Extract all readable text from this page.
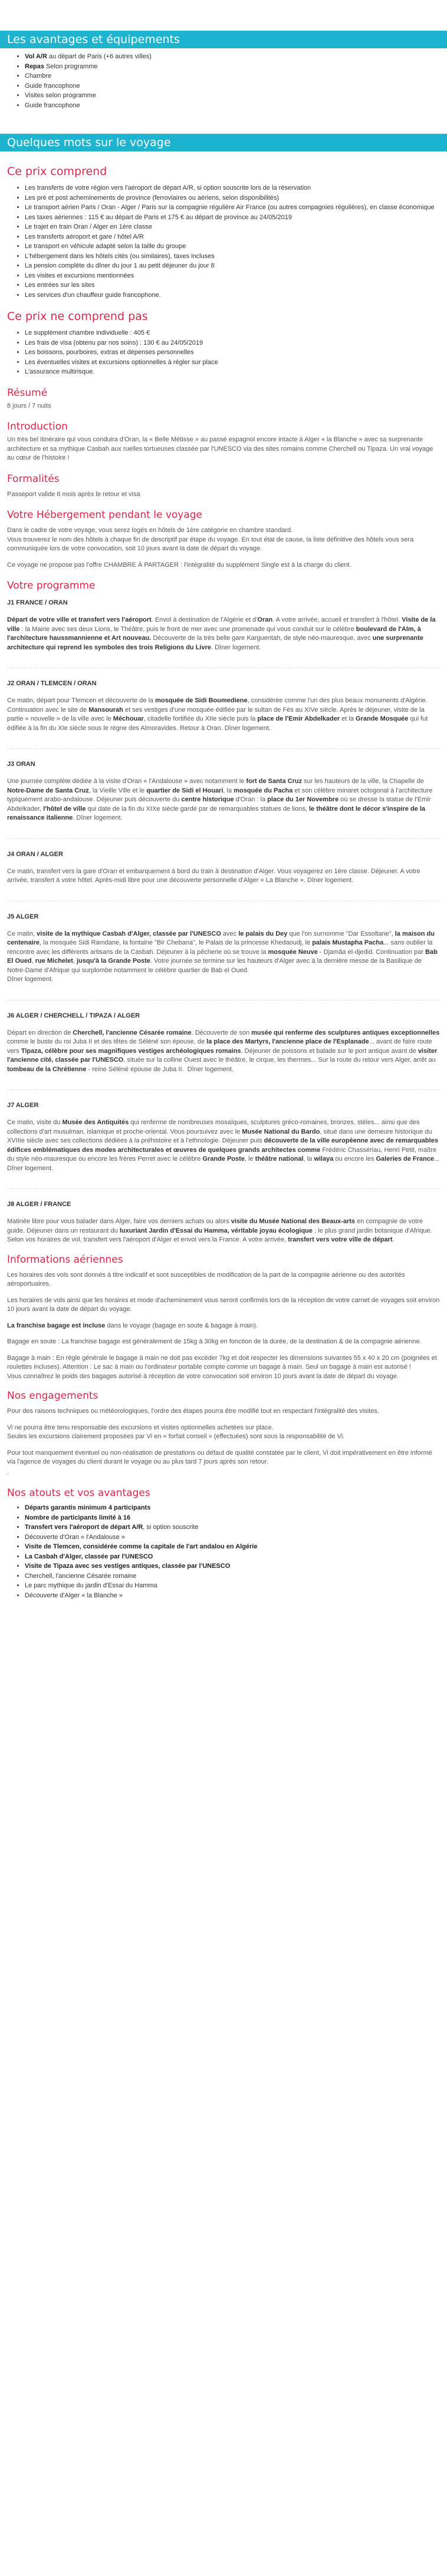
Les avantages et équipements
• Vol A/R au départ de Paris (+6 autres villes)
• Repas Selon programme
• Chambre
• Guide francophone
• Visites selon programme
• Guide francophone
Quelques mots sur le voyage
Ce prix comprend
• Les transferts de votre région vers l'aéroport de départ A/R, si option souscrite lors de la réservation
• Les pré et post acheminements de province (ferroviaires ou aériens, selon disponibilités)
• Le transport aérien Paris / Oran - Alger / Paris sur la compagnie régulière Air France (ou autres compagnies régulières), en classe économique
• Les taxes aériennes : 115 € au départ de Paris et 175 € au départ de province au 24/05/2019
• Le trajet en train Oran / Alger en 1ère classe
• Les transferts aéroport et gare / hôtel A/R
• Le transport en véhicule adapté selon la taille du groupe
• L'hébergement dans les hôtels cités (ou similaires), taxes incluses
• La pension complète du dîner du jour 1 au petit déjeuner du jour 8
• Les visites et excursions mentionnées
• Les entrées sur les sites
• Les services d'un chauffeur guide francophone.
Ce prix ne comprend pas
• Le supplément chambre individuelle : 405 €
• Les frais de visa (obtenu par nos soins) : 130 € au 24/05/2019
• Les boissons, pourboires, extras et dépenses personnelles
• Les éventuelles visites et excursions optionnelles à régler sur place
• L'assurance multirisque.
Résumé

8 jours / 7 nuits

Introduction

Un très bel itinéraire qui vous conduira d'Oran, la « Belle Métisse » au passé espagnol encore intacte à Alger « la Blanche » avec sa surprenante architecture et sa mythique Casbah aux ruelles tortueuses classée par l'UNESCO via des sites romains comme Cherchell ou Tipaza. Un vrai voyage au cœur de l'histoire !

Formalités

Passeport valide 6 mois après le retour et visa

Votre Hébergement pendant le voyage

Dans le cadre de votre voyage, vous serez logés en hôtels de 1ère catégorie en chambre standard.
Vous trouverez le nom des hôtels à chaque fin de descriptif par étape du voyage. En tout état de cause, la liste définitive des hôtels vous sera communiquée lors de votre convocation, soit 10 jours avant la date de départ du voyage.

Ce voyage ne propose pas l'offre CHAMBRE À PARTAGER : l'intégralité du supplément Single est à la charge du client.

Votre programme
J1 FRANCE / ORAN

Départ de votre ville et transfert vers l'aéroport. Envol à destination de l'Algérie et d'Oran. A votre arrivée, accueil et transfert à l'hôtel. Visite de la ville : la Mairie avec ses deux Lions, le Théâtre, puis le front de mer avec une promenade qui vous conduit sur le célèbre boulevard de l'Alm, à l'architecture haussmannienne et Art nouveau. Découverte de la très belle gare Karguentah, de style néo-mauresque, avec une surprenante architecture qui reprend les symboles des trois Religions du Livre. Dîner logement.

J2 ORAN / TLEMCEN / ORAN

Ce matin, départ pour Tlemcen et découverte de la mosquée de Sidi Boumediene, considérée comme l'un des plus beaux monuments d'Algérie. Continuation avec le site de Mansourah et ses vestiges d'une mosquée édifiée par le sultan de Fès au XIVe siècle. Après le déjeuner, visite de la partie « nouvelle » de la ville avec le Méchouar, citadelle fortifiée du XIIe siècle puis la place de l'Emir Abdelkader et la Grande Mosquée qui fut édifiée à la fin du XIe siècle sous le règne des Almoravides. Retour à Oran. Dîner logement.

J3 ORAN

Une journée complète dédiée à la visite d'Oran « l'Andalouse » avec notamment le fort de Santa Cruz sur les hauteurs de la ville, la Chapelle de Notre-Dame de Santa Cruz, la Vieille Ville et le quartier de Sidi el Houari, la mosquée du Pacha et son célèbre minaret octogonal à l'architecture typiquement arabo-andalouse. Déjeuner puis découverte du centre historique d'Oran : la place du 1er Novembre où se dresse la statue de l'Emir Abdelkader, l'hôtel de ville qui date de la fin du XIXe siècle gardé par de remarquables statues de lions, le théâtre dont le décor s'inspire de la renaissance italienne. Dîner logement.

J4 ORAN / ALGER

Ce matin, transfert vers la gare d'Oran et embarquement à bord du train à destination d'Alger. Vous voyagerez en 1ère classe. Déjeuner. A votre arrivée, transfert à votre hôtel. Après-midi libre pour une découverte personnelle d'Alger « La Blanche ». Dîner logement.

J5 ALGER

Ce matin, visite de la mythique Casbah d'Alger, classée par l'UNESCO avec le palais du Dey que l'on surnomme "Dar Essoltane", la maison du centenaire, la mosquée Sidi Ramdane, la fontaine "Bir Chebana", le Palais de la princesse Khedaoudj, le palais Mustapha Pacha... sans oublier la rencontre avec les différents artisans de la Casbah. Déjeuner à la pêcherie où se trouve la mosquée Neuve - Djamâa el-djedid. Continuation par Bab El Oued, rue Michelet, jusqu'à la Grande Poste. Votre journée se termine sur les hauteurs d'Alger avec à la dernière messe de la Basilique de Notre-Dame d'Afrique qui surplombe notamment le célèbre quartier de Bab el Oued.
Dîner logement.

J6 ALGER / CHERCHELL / TIPAZA / ALGER

Départ en direction de Cherchell, l'ancienne Césarée romaine. Découverte de son musée qui renferme des sculptures antiques exceptionnelles comme le buste du roi Juba II et des têtes de Séléné son épouse, de la place des Martyrs, l'ancienne place de l'Esplanade... avant de faire route vers Tipaza, célèbre pour ses magnifiques vestiges archéologiques romains. Déjeuner de poissons et balade sur le port antique avant de visiter l'ancienne cité, classée par l'UNESCO, située sur la colline Ouest avec le théâtre, le cirque, les thermes... Sur la route du retour vers Alger, arrêt au tombeau de la Chrétienne - reine Séléné épouse de Juba II.  Dîner logement.

J7 ALGER

Ce matin, visite du Musée des Antiquités qui renferme de nombreuses mosaïques, sculptures gréco-romaines, bronzes, stèles... ainsi que des collections d'art musulman, islamique et proche-oriental. Vous poursuivez avec le Musée National du Bardo, situé dans une demeure historique du XVIIIe siècle avec ses collections dédiées à la préhistoire et à l'ethnologie. Déjeuner puis découverte de la ville européenne avec de remarquables édifices emblématiques des modes architecturales et œuvres de quelques grands architectes comme Frédéric Chassériau, Henri Petit, maître du style néo-mauresque ou encore les frères Perret avec le célèbre Grande Poste, le théâtre national, la wilaya ou encore les Galeries de France... Dîner logement.

J8 ALGER / FRANCE

Matinée libre pour vous balader dans Alger, faire vos derniers achats ou alors visite du Musée National des Beaux-arts en compagnie de votre guide. Déjeuner dans un restaurant du luxuriant Jardin d'Essai du Hamma, véritable joyau écologique ; le plus grand jardin botanique d'Afrique. Selon vos horaires de vol, transfert vers l'aéroport d'Alger et envol vers la France. A votre arrivée, transfert vers votre ville de départ.

Informations aériennes

Les horaires des vols sont donnés à titre indicatif et sont susceptibles de modification de la part de la compagnie aérienne ou des autorités aéroportuaires.

Les horaires de vols ainsi que les horaires et mode d'acheminement vous seront confirmés lors de la réception de votre carnet de voyages soit environ 10 jours avant la date de départ du voyage.

La franchise bagage est incluse dans le voyage (bagage en soute & bagage à main).

Bagage en soute : La franchise bagage est généralement de 15kg à 30kg en fonction de la durée, de la destination & de la compagnie aérienne.

Bagage à main : En règle générale le bagage à main ne doit pas excéder 7kg et doit respecter les dimensions suivantes 55 x 40 x 20 cm (poignées et roulettes incluses). Attention : Le sac à main ou l'ordinateur portable compte comme un bagage à main. Seul un bagage à main est autorisé !
Vous connaîtrez le poids des bagages autorisé à réception de votre convocation soit environ 10 jours avant la date de départ du voyage.

Nos engagements

Pour des raisons techniques ou météorologiques, l'ordre des étapes pourra être modifié tout en respectant l'intégralité des visites.

Vi ne pourra être tenu responsable des excursions et visites optionnelles achetées sur place.
Seules les excursions clairement proposées par Vi en « forfait conseil » (effectuées) sont sous la responsabilité de Vi.

Pour tout manquement éventuel ou non-réalisation de prestations ou défaut de qualité constatée par le client, Vi doit impérativement en être informé via l'agence de voyages du client durant le voyage ou au plus tard 7 jours après son retour.

.

Nos atouts et vos avantages
• Départs garantis minimum 4 participants
• Nombre de participants limité à 16
• Transfert vers l'aéroport de départ A/R, si option souscrite
• Découverte d'Oran « l'Andalouse »
• Visite de Tlemcen, considérée comme la capitale de l'art andalou en Algérie
• La Casbah d'Alger, classée par l'UNESCO
• Visite de Tipaza avec ses vestiges antiques, classée par l'UNESCO
• Cherchell, l'ancienne Césarée romaine
• Le parc mythique du jardin d'Essai du Hamma
• Découverte d'Alger « la Blanche »
